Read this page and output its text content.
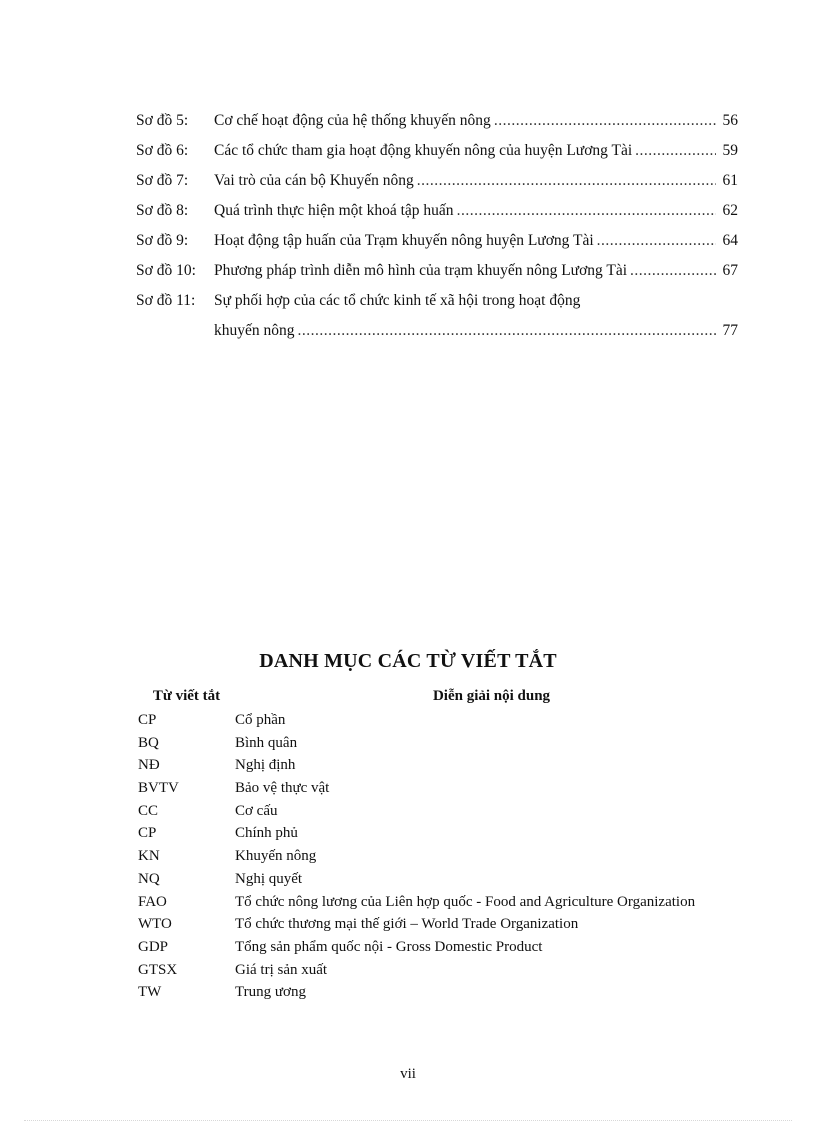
Sơ đồ 5:	Cơ chế hoạt động của hệ thống khuyến nông .....	56
Sơ đồ 6:	Các tổ chức tham gia hoạt động khuyến nông của huyện Lương Tài .....	59
Sơ đồ 7:	Vai trò của cán bộ Khuyến nông .....	61
Sơ đồ 8:	Quá trình thực hiện một khoá tập huấn .....	62
Sơ đồ 9:	Hoạt động tập huấn của Trạm khuyến nông huyện Lương Tài .....	64
Sơ đồ 10:	Phương pháp trình diễn mô hình của trạm khuyến nông Lương Tài .....	67
Sơ đồ 11:	Sự phối hợp của các tổ chức kinh tế xã hội trong hoạt động
khuyến nông .....	77
DANH MỤC CÁC TỪ VIẾT TẮT
Từ viết tắt	Diễn giải nội dung
CP	Cổ phần
BQ	Bình quân
NĐ	Nghị định
BVTV	Bảo vệ thực vật
CC	Cơ cấu
CP	Chính phủ
KN	Khuyến nông
NQ	Nghị quyết
FAO	Tổ chức nông lương của Liên hợp quốc - Food and Agriculture Organization
WTO	Tổ chức thương mại thế giới – World Trade Organization
GDP	Tổng sản phẩm quốc nội - Gross Domestic Product
GTSX	Giá trị sản xuất
TW	Trung ương
vii
